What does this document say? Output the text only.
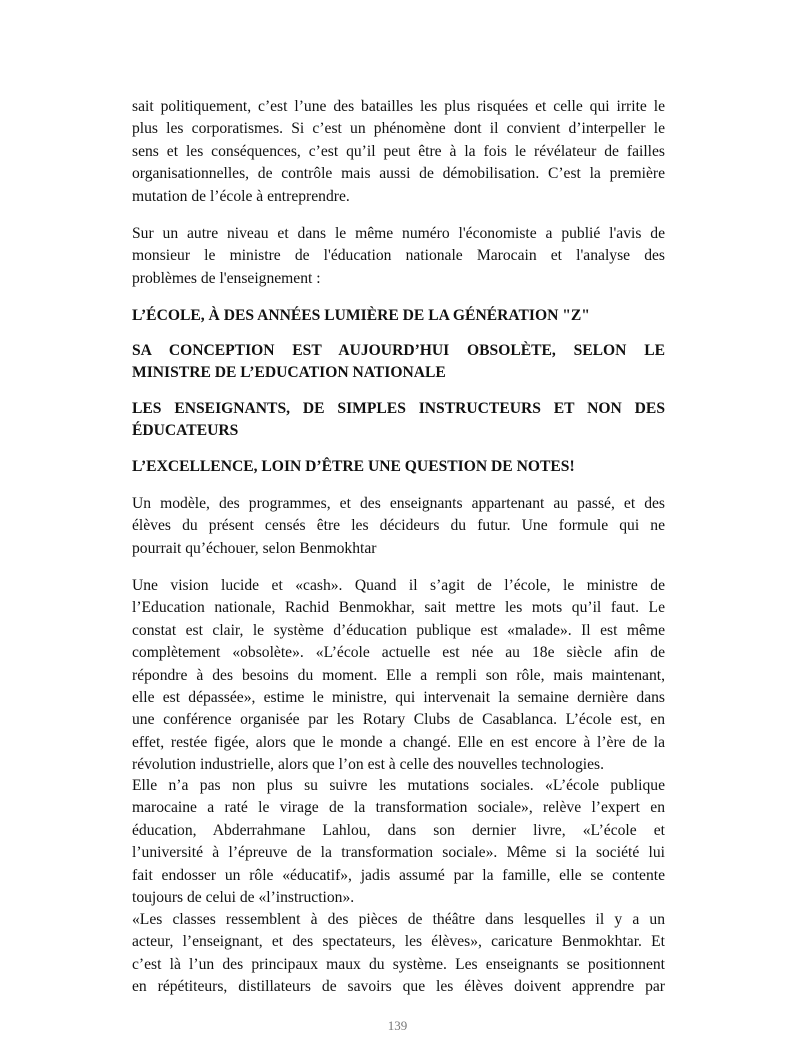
sait politiquement, c’est l’une des batailles les plus risquées et celle qui irrite le
plus les corporatismes. Si c’est un phénomène dont il convient d’interpeller le
sens et les conséquences, c’est qu’il peut être à la fois le révélateur de failles
organisationnelles, de contrôle mais aussi de démobilisation. C’est la première
mutation de l’école à entreprendre.
Sur un autre niveau et dans le même numéro l'économiste a publié l'avis de
monsieur le ministre de l'éducation nationale Marocain et l'analyse des
problèmes de l'enseignement :
L’ÉCOLE, À DES ANNÉES LUMIÈRE DE LA GÉNÉRATION "Z"
SA CONCEPTION EST AUJOURD’HUI OBSOLÈTE, SELON LE
MINISTRE DE L’EDUCATION NATIONALE
LES ENSEIGNANTS, DE SIMPLES INSTRUCTEURS ET NON DES
ÉDUCATEURS
L’EXCELLENCE, LOIN D’ÊTRE UNE QUESTION DE NOTES!
Un modèle, des programmes, et des enseignants appartenant au passé, et des
élèves du présent censés être les décideurs du futur. Une formule qui ne
pourrait qu’échouer, selon Benmokhtar
Une vision lucide et «cash». Quand il s’agit de l’école, le ministre de
l’Education nationale, Rachid Benmokhar, sait mettre les mots qu’il faut. Le
constat est clair, le système d’éducation publique est «malade». Il est même
complètement «obsolète». «L’école actuelle est née au 18e siècle afin de
répondre à des besoins du moment. Elle a rempli son rôle, mais maintenant,
elle est dépassée», estime le ministre, qui intervenait la semaine dernière dans
une conférence organisée par les Rotary Clubs de Casablanca. L’école est, en
effet, restée figée, alors que le monde a changé. Elle en est encore à l’ère de la
révolution industrielle, alors que l’on est à celle des nouvelles technologies.
Elle n’a pas non plus su suivre les mutations sociales. «L’école publique
marocaine a raté le virage de la transformation sociale», relève l’expert en
éducation, Abderrahmane Lahlou, dans son dernier livre, «L’école et
l’université à l’épreuve de la transformation sociale». Même si la société lui
fait endosser un rôle «éducatif», jadis assumé par la famille, elle se contente
toujours de celui de «l’instruction».
«Les classes ressemblent à des pièces de théâtre dans lesquelles il y a un
acteur, l’enseignant, et des spectateurs, les élèves», caricature Benmokhtar. Et
c’est là l’un des principaux maux du système. Les enseignants se positionnent
en répétiteurs, distillateurs de savoirs que les élèves doivent apprendre par
139
